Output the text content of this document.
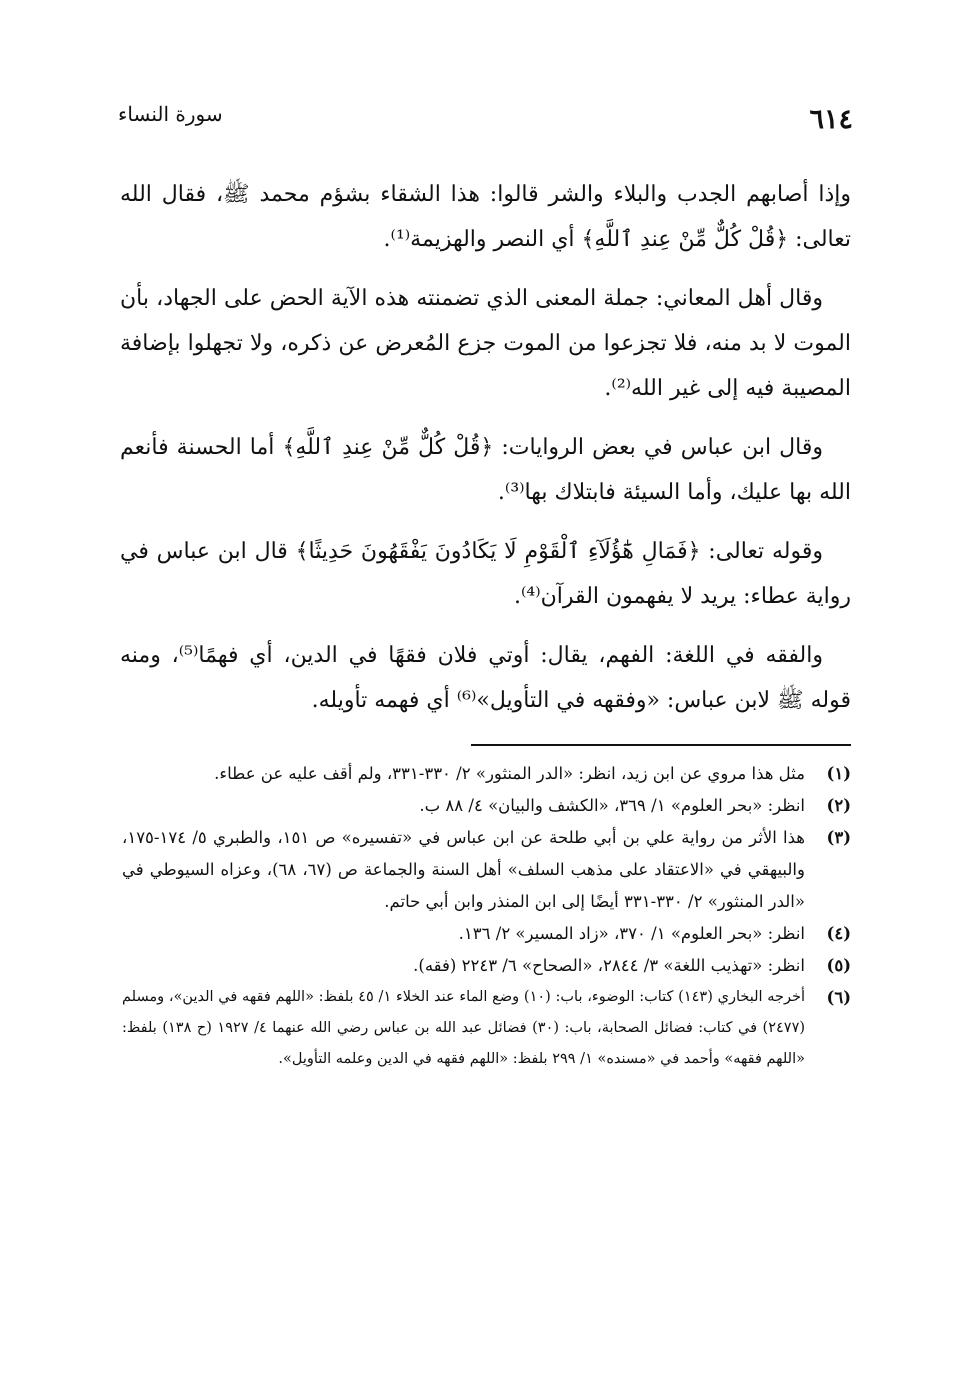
٦١٤
سورة النساء

وإذا أصابهم الجدب والبلاء والشر قالوا: هذا الشقاء بشؤم محمد ﷺ، فقال الله تعالى: ﴿قُلْ كُلٌّ مِّنْ عِندِ ٱللَّهِ﴾ أي النصر والهزيمة⁽¹⁾.

وقال أهل المعاني: جملة المعنى الذي تضمنته هذه الآية الحض على الجهاد، بأن الموت لا بد منه، فلا تجزعوا من الموت جزع المُعرض عن ذكره، ولا تجهلوا بإضافة المصيبة فيه إلى غير الله⁽²⁾.

وقال ابن عباس في بعض الروايات: ﴿قُلْ كُلٌّ مِّنْ عِندِ ٱللَّهِ﴾ أما الحسنة فأنعم الله بها عليك، وأما السيئة فابتلاك بها⁽³⁾.

وقوله تعالى: ﴿فَمَالِ هَٰٓؤُلَآءِ ٱلْقَوْمِ لَا يَكَادُونَ يَفْقَهُونَ حَدِيثًا﴾ قال ابن عباس في رواية عطاء: يريد لا يفهمون القرآن⁽⁴⁾.

والفقه في اللغة: الفهم، يقال: أوتي فلان فقهًا في الدين، أي فهمًا⁽⁵⁾، ومنه قوله ﷺ لابن عباس: «وفقهه في التأويل»⁽⁶⁾ أي فهمه تأويله.

(١)
مثل هذا مروي عن ابن زيد، انظر: «الدر المنثور» ٢/ ٣٣٠-٣٣١، ولم أقف عليه عن عطاء.
(٢)
انظر: «بحر العلوم» ١/ ٣٦٩، «الكشف والبيان» ٤/ ٨٨ ب.
(٣)
هذا الأثر من رواية علي بن أبي طلحة عن ابن عباس في «تفسيره» ص ١٥١، والطبري ٥/ ١٧٤-١٧٥، والبيهقي في «الاعتقاد على مذهب السلف» أهل السنة والجماعة ص (٦٧، ٦٨)، وعزاه السيوطي في «الدر المنثور» ٢/ ٣٣٠-٣٣١ أيضًا إلى ابن المنذر وابن أبي حاتم.
(٤)
انظر: «بحر العلوم» ١/ ٣٧٠، «زاد المسير» ٢/ ١٣٦.
(٥)
انظر: «تهذيب اللغة» ٣/ ٢٨٤٤، «الصحاح» ٦/ ٢٢٤٣ (فقه).
(٦)
أخرجه البخاري (١٤٣) كتاب: الوضوء، باب: (١٠) وضع الماء عند الخلاء ١/ ٤٥ بلفظ: «اللهم فقهه في الدين»، ومسلم (٢٤٧٧) في كتاب: فضائل الصحابة، باب: (٣٠) فضائل عبد الله بن عباس رضي الله عنهما ٤/ ١٩٢٧ (ح ١٣٨) بلفظ: «اللهم فقهه» وأحمد في «مسنده» ١/ ٢٩٩ بلفظ: «اللهم فقهه في الدين وعلمه التأويل».
